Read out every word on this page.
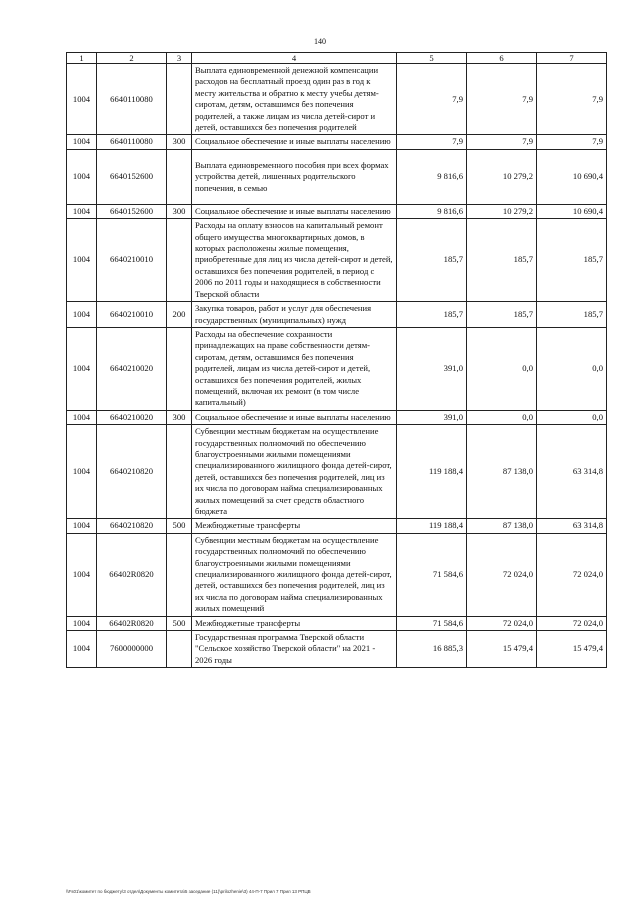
140
1	2	3	4	5	6	7
1004	6640110080		Выплата единовременной денежной компенсации расходов на бесплатный проезд один раз в год к месту жительства и обратно к месту учебы детям-сиротам, детям, оставшимся без попечения родителей, а также лицам из числа детей-сирот и детей, оставшихся без попечения родителей	7,9	7,9	7,9
1004	6640110080	300	Социальное обеспечение и иные выплаты населению	7,9	7,9	7,9
1004	6640152600		Выплата единовременного пособия при всех формах устройства детей, лишенных родительского попечения, в семью	9 816,6	10 279,2	10 690,4
1004	6640152600	300	Социальное обеспечение и иные выплаты населению	9 816,6	10 279,2	10 690,4
1004	6640210010		Расходы на оплату взносов на капитальный ремонт общего имущества многоквартирных домов, в которых расположены жилые помещения, приобретенные для лиц из числа детей-сирот и детей, оставшихся без попечения родителей, в период с 2006 по 2011 годы и находящиеся в собственности Тверской области	185,7	185,7	185,7
1004	6640210010	200	Закупка товаров, работ и услуг для обеспечения государственных (муниципальных) нужд	185,7	185,7	185,7
1004	6640210020		Расходы на обеспечение сохранности принадлежащих на праве собственности детям-сиротам, детям, оставшимся без попечения родителей, лицам из числа детей-сирот и детей, оставшихся без попечения родителей, жилых помещений, включая их ремонт (в том числе капитальный)	391,0	0,0	0,0
1004	6640210020	300	Социальное обеспечение и иные выплаты населению	391,0	0,0	0,0
1004	6640210820		Субвенции местным бюджетам на осуществление государственных полномочий по обеспечению благоустроенными жилыми помещениями специализированного жилищного фонда детей-сирот, детей, оставшихся без попечения родителей, лиц из их числа по договорам найма специализированных жилых помещений за счет средств областного бюджета	119 188,4	87 138,0	63 314,8
1004	6640210820	500	Межбюджетные трансферты	119 188,4	87 138,0	63 314,8
1004	66402R0820		Субвенции местным бюджетам на осуществление государственных полномочий по обеспечению благоустроенными жилыми помещениями специализированного жилищного фонда детей-сирот, детей, оставшихся без попечения родителей, лиц из их числа по договорам найма специализированных жилых помещений	71 584,6	72 024,0	72 024,0
1004	66402R0820	500	Межбюджетные трансферты	71 584,6	72 024,0	72 024,0
1004	7600000000		Государственная программа Тверской области "Сельское хозяйство Тверской области" на 2021 - 2026 годы	16 885,3	15 479,4	15 479,4
\\Fs01\комитет по бюджету\3 отдел\Документы комитета\5 заседание (11)\prilozhenie\3) 44-П-7 Прил 7 Прил 13 РПЦВ
